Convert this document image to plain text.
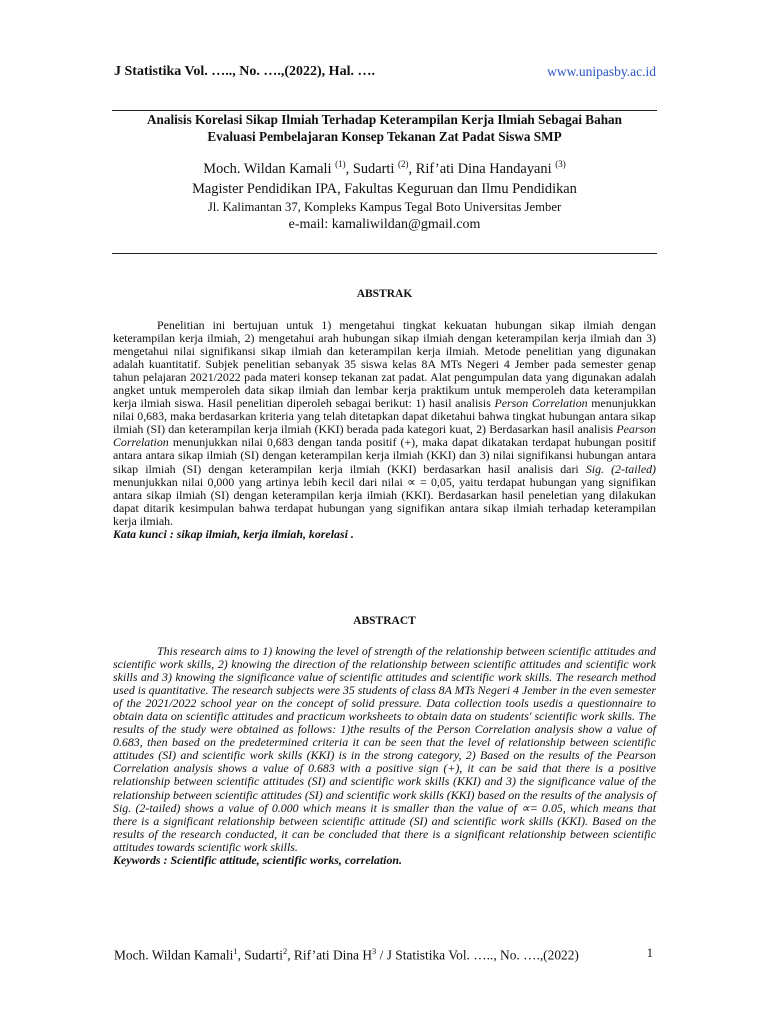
J Statistika Vol. ….., No. ….,(2022), Hal. ….	www.unipasby.ac.id
Analisis Korelasi Sikap Ilmiah Terhadap Keterampilan Kerja Ilmiah Sebagai Bahan
Evaluasi Pembelajaran Konsep Tekanan Zat Padat Siswa SMP
Moch. Wildan Kamali $^{(1)}$, Sudarti $^{(2)}$, Rif’ati Dina Handayani $^{(3)}$
Magister Pendidikan IPA, Fakultas Keguruan dan Ilmu Pendidikan
Jl. Kalimantan 37, Kompleks Kampus Tegal Boto Universitas Jember
e-mail: kamaliwildan@gmail.com
ABSTRAK

Penelitian ini bertujuan untuk 1) mengetahui tingkat kekuatan hubungan sikap ilmiah dengan keterampilan kerja ilmiah, 2) mengetahui arah hubungan sikap ilmiah dengan keterampilan kerja ilmiah dan 3) mengetahui nilai signifikansi sikap ilmiah dan keterampilan kerja ilmiah. Metode penelitian yang digunakan adalah kuantitatif. Subjek penelitian sebanyak 35 siswa kelas 8A MTs Negeri 4 Jember pada semester genap tahun pelajaran 2021/2022 pada materi konsep tekanan zat padat. Alat pengumpulan data yang digunakan adalah angket untuk memperoleh data sikap ilmiah dan lembar kerja praktikum untuk memperoleh data keterampilan kerja ilmiah siswa. Hasil penelitian diperoleh sebagai berikut: 1) hasil analisis Person Correlation menunjukkan nilai 0,683, maka berdasarkan kriteria yang telah ditetapkan dapat diketahui bahwa tingkat hubungan antara sikap ilmiah (SI) dan keterampilan kerja ilmiah (KKI) berada pada kategori kuat, 2) Berdasarkan hasil analisis Pearson Correlation menunjukkan nilai 0,683 dengan tanda positif (+), maka dapat dikatakan terdapat hubungan positif antara antara sikap ilmiah (SI) dengan keterampilan kerja ilmiah (KKI) dan 3) nilai signifikansi hubungan antara sikap ilmiah (SI) dengan keterampilan kerja ilmiah (KKI) berdasarkan hasil analisis dari Sig. (2-tailed) menunjukkan nilai 0,000 yang artinya lebih kecil dari nilai ∝ = 0,05, yaitu terdapat hubungan yang signifikan antara sikap ilmiah (SI) dengan keterampilan kerja ilmiah (KKI). Berdasarkan hasil peneletian yang dilakukan dapat ditarik kesimpulan bahwa terdapat hubungan yang signifikan antara sikap ilmiah terhadap keterampilan kerja ilmiah.

Kata kunci : sikap ilmiah, kerja ilmiah, korelasi .
ABSTRACT

This research aims to 1) knowing the level of strength of the relationship between scientific attitudes and scientific work skills, 2) knowing the direction of the relationship between scientific attitudes and scientific work skills and 3) knowing the significance value of scientific attitudes and scientific work skills. The research method used is quantitative. The research subjects were 35 students of class 8A MTs Negeri 4 Jember in the even semester of the 2021/2022 school year on the concept of solid pressure. Data collection tools usedis a questionnaire to obtain data on scientific attitudes and practicum worksheets to obtain data on students' scientific work skills. The results of the study were obtained as follows: 1)the results of the Person Correlation analysis show a value of 0.683, then based on the predetermined criteria it can be seen that the level of relationship between scientific attitudes (SI) and scientific work skills (KKI) is in the strong category, 2) Based on the results of the Pearson Correlation analysis shows a value of 0.683 with a positive sign (+), it can be said that there is a positive relationship between scientific attitudes (SI) and scientific work skills (KKI) and 3) the significance value of the relationship between scientific attitudes (SI) and scientific work skills (KKI) based on the results of the analysis of Sig. (2-tailed) shows a value of 0.000 which means it is smaller than the value of ∝= 0.05, which means that there is a significant relationship between scientific attitude (SI) and scientific work skills (KKI). Based on the results of the research conducted, it can be concluded that there is a significant relationship between scientific attitudes towards scientific work skills.

Keywords : Scientific attitude, scientific works, correlation.
Moch. Wildan Kamali$^1$, Sudarti$^2$, Rif’ati Dina $H^3$ / J Statistika Vol. ….., No. ….,(2022)	1
